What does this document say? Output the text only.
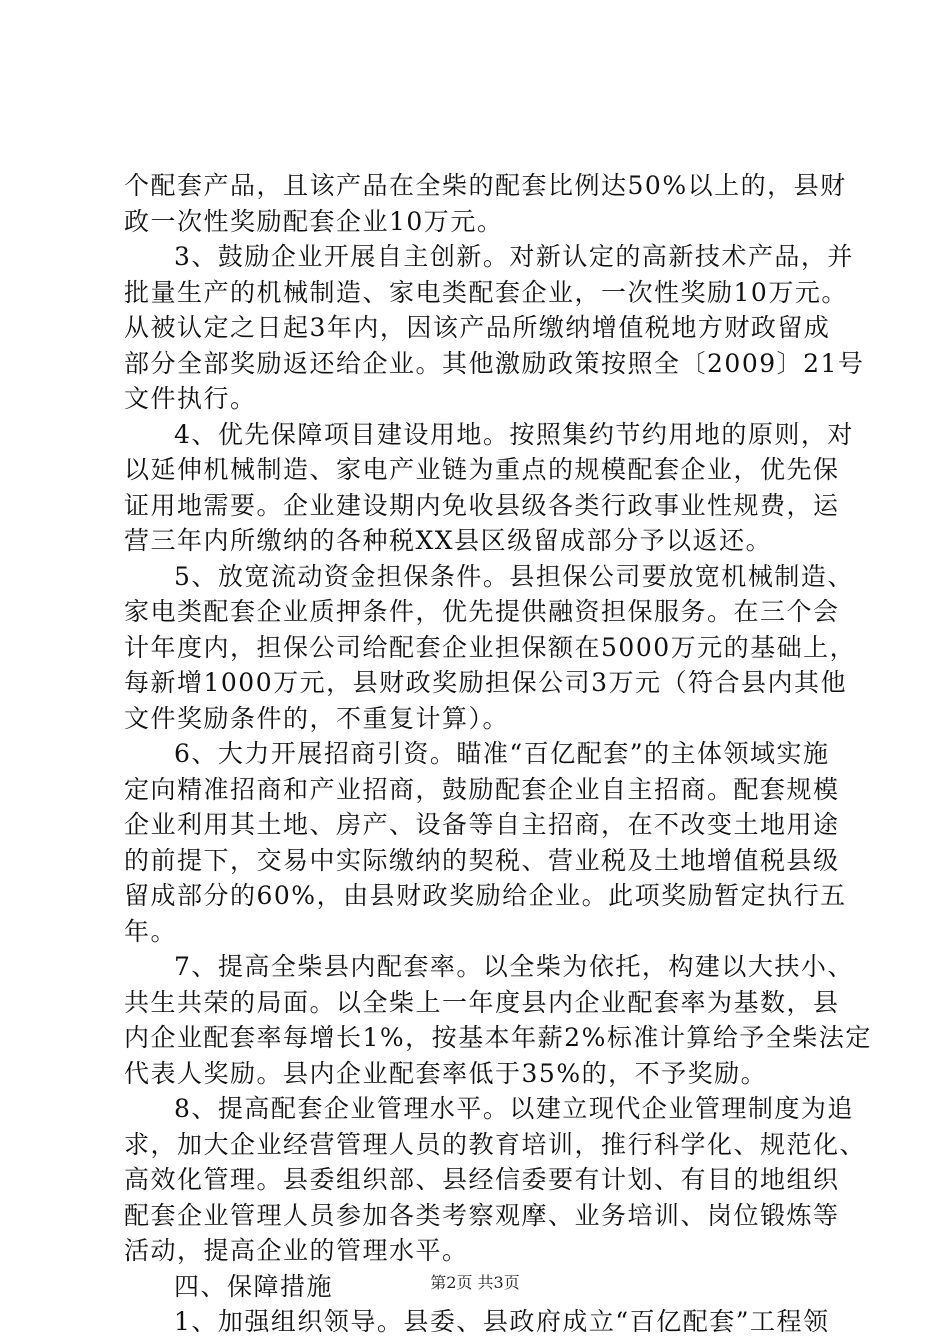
个配套产品，且该产品在全柴的配套比例达50%以上的，县财
政一次性奖励配套企业10万元。
3、鼓励企业开展自主创新。对新认定的高新技术产品，并
批量生产的机械制造、家电类配套企业，一次性奖励10万元。
从被认定之日起3年内，因该产品所缴纳增值税地方财政留成
部分全部奖励返还给企业。其他激励政策按照全〔2009〕21号
文件执行。
4、优先保障项目建设用地。按照集约节约用地的原则，对
以延伸机械制造、家电产业链为重点的规模配套企业，优先保
证用地需要。企业建设期内免收县级各类行政事业性规费，运
营三年内所缴纳的各种税XX县区级留成部分予以返还。
5、放宽流动资金担保条件。县担保公司要放宽机械制造、
家电类配套企业质押条件，优先提供融资担保服务。在三个会
计年度内，担保公司给配套企业担保额在5000万元的基础上，
每新增1000万元，县财政奖励担保公司3万元（符合县内其他
文件奖励条件的，不重复计算）。
6、大力开展招商引资。瞄准“百亿配套”的主体领域实施
定向精准招商和产业招商，鼓励配套企业自主招商。配套规模
企业利用其土地、房产、设备等自主招商，在不改变土地用途
的前提下，交易中实际缴纳的契税、营业税及土地增值税县级
留成部分的60%，由县财政奖励给企业。此项奖励暂定执行五
年。
7、提高全柴县内配套率。以全柴为依托，构建以大扶小、
共生共荣的局面。以全柴上一年度县内企业配套率为基数，县
内企业配套率每增长1%，按基本年薪2%标准计算给予全柴法定
代表人奖励。县内企业配套率低于35%的，不予奖励。
8、提高配套企业管理水平。以建立现代企业管理制度为追
求，加大企业经营管理人员的教育培训，推行科学化、规范化、
高效化管理。县委组织部、县经信委要有计划、有目的地组织
配套企业管理人员参加各类考察观摩、业务培训、岗位锻炼等
活动，提高企业的管理水平。
四、保障措施
1、加强组织领导。县委、县政府成立“百亿配套”工程领
第2页 共3页
